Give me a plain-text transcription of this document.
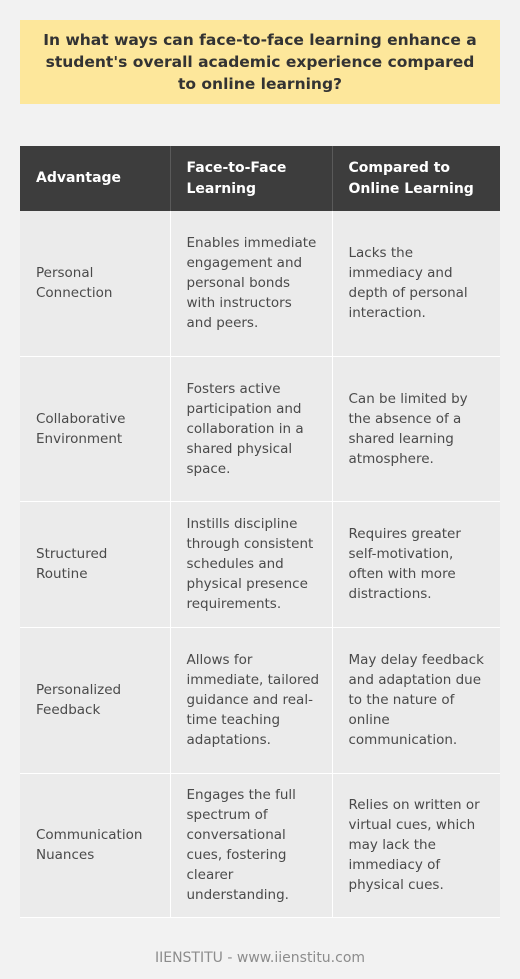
In what ways can face-to-face learning enhance a student's overall academic experience compared to online learning?
Advantage	Face-to-Face Learning	Compared to Online Learning
Personal Connection	Enables immediate engagement and personal bonds with instructors and peers.	Lacks the immediacy and depth of personal interaction.
Collaborative Environment	Fosters active participation and collaboration in a shared physical space.	Can be limited by the absence of a shared learning atmosphere.
Structured Routine	Instills discipline through consistent schedules and physical presence requirements.	Requires greater self-motivation, often with more distractions.
Personalized Feedback	Allows for immediate, tailored guidance and real-time teaching adaptations.	May delay feedback and adaptation due to the nature of online communication.
Communication Nuances	Engages the full spectrum of conversational cues, fostering clearer understanding.	Relies on written or virtual cues, which may lack the immediacy of physical cues.
IIENSTITU - www.iienstitu.com
